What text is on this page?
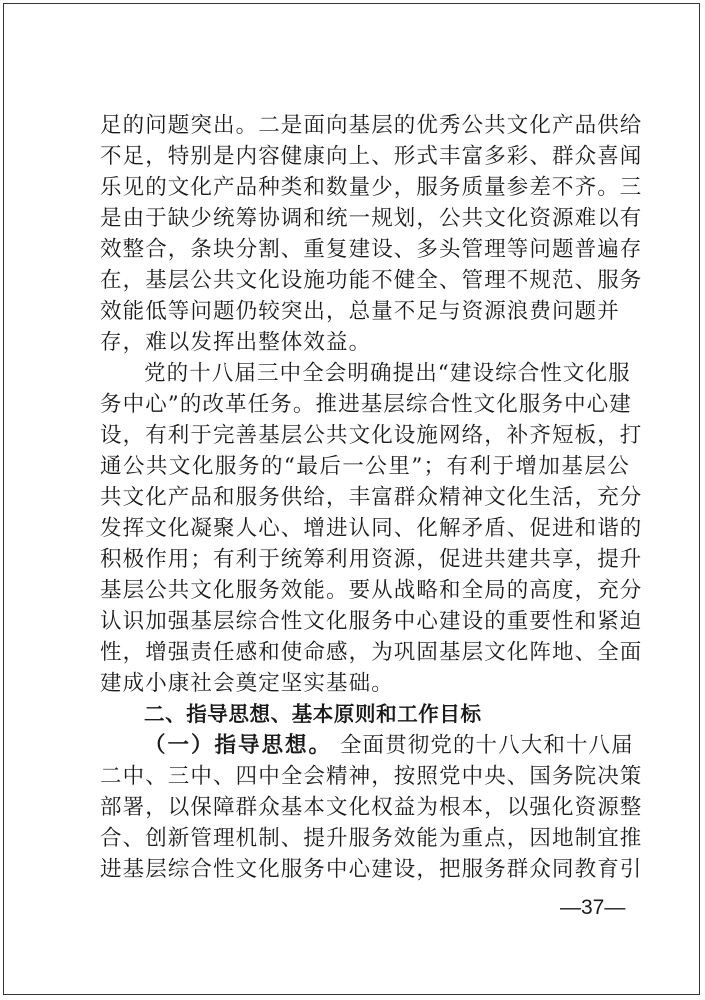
足的问题突出。二是面向基层的优秀公共文化产品供给
不足，特别是内容健康向上、形式丰富多彩、群众喜闻
乐见的文化产品种类和数量少，服务质量参差不齐。三
是由于缺少统筹协调和统一规划，公共文化资源难以有
效整合，条块分割、重复建设、多头管理等问题普遍存
在，基层公共文化设施功能不健全、管理不规范、服务
效能低等问题仍较突出，总量不足与资源浪费问题并
存，难以发挥出整体效益。
党的十八届三中全会明确提出“建设综合性文化服
务中心”的改革任务。推进基层综合性文化服务中心建
设，有利于完善基层公共文化设施网络，补齐短板，打
通公共文化服务的“最后一公里”；有利于增加基层公
共文化产品和服务供给，丰富群众精神文化生活，充分
发挥文化凝聚人心、增进认同、化解矛盾、促进和谐的
积极作用；有利于统筹利用资源，促进共建共享，提升
基层公共文化服务效能。要从战略和全局的高度，充分
认识加强基层综合性文化服务中心建设的重要性和紧迫
性，增强责任感和使命感，为巩固基层文化阵地、全面
建成小康社会奠定坚实基础。
二、指导思想、基本原则和工作目标
（一）指导思想。 全面贯彻党的十八大和十八届
二中、三中、四中全会精神，按照党中央、国务院决策
部署，以保障群众基本文化权益为根本，以强化资源整
合、创新管理机制、提升服务效能为重点，因地制宜推
进基层综合性文化服务中心建设，把服务群众同教育引
—37—
